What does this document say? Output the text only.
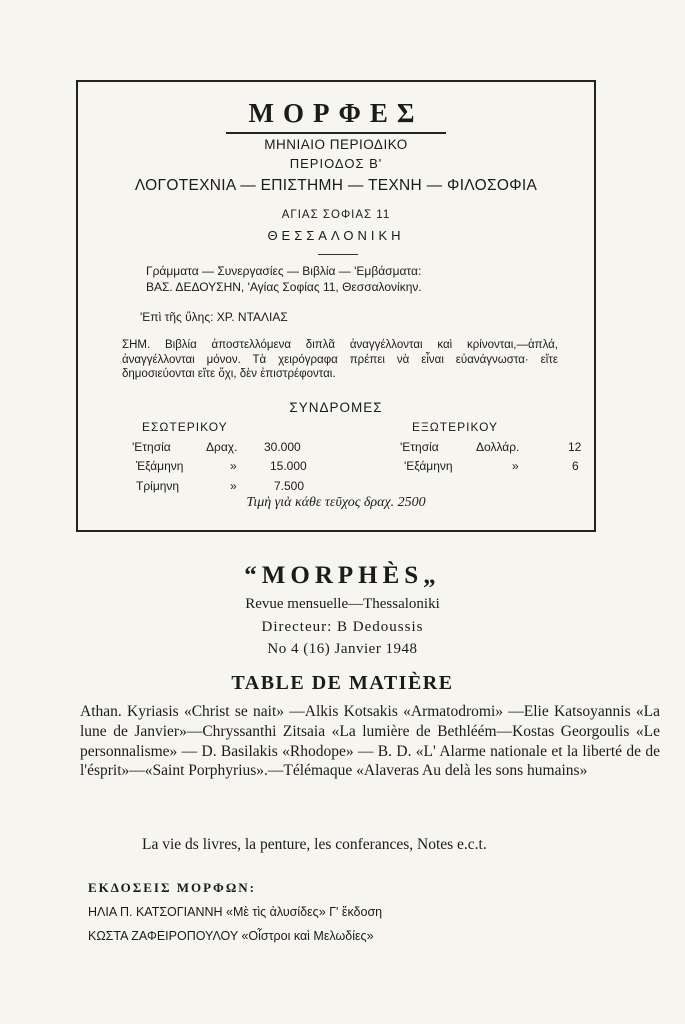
ΜΟΡΦΕΣ
ΜΗΝΙΑΙΟ ΠΕΡΙΟΔΙΚΟ
ΠΕΡΙΟΔΟΣ Β'
ΛΟΓΟΤΕΧΝΙΑ — ΕΠΙΣΤΗΜΗ — ΤΕΧΝΗ — ΦΙΛΟΣΟΦΙΑ
ΑΓΙΑΣ ΣΟΦΙΑΣ 11
ΘΕΣΣΑΛΟΝΙΚΗ
Γράμματα — Συνεργασίες — Βιβλία — 'Εμβάσματα:
ΒΑΣ. ΔΕΔΟΥΣΗΝ, 'Αγίας Σοφίας 11, Θεσσαλονίκην.
'Επὶ τῆς ὕλης: ΧΡ. ΝΤΑΛΙΑΣ
ΣΗΜ. Βιβλία ἀποστελλόμενα διπλᾶ ἀναγγέλλονται καὶ κρίνονται,—ἁπλά, ἀναγγέλλονται μόνον. Τὰ χειρόγραφα πρέπει νὰ εἶναι εὐανάγνωστα· εἴτε δημοσιεύονται εἴτε ὄχι, δὲν ἐπιστρέφονται.
ΣΥΝΔΡΟΜΕΣ
ΕΣΩΤΕΡΙΚΟΥ
'Ετησία	Δραχ. 30.000
Ἑξάμηνη	»	15.000
Τρίμηνη	»	7.500
ΕΞΩΤΕΡΙΚΟΥ
'Ετησία	Δολλάρ.	12
'Εξάμηνη	»	6
Τιμὴ γιὰ κάθε τεῦχος δραχ. 2500
“MORPHÈS„
Revue mensuelle—Thessaloniki
Directeur: B Dedoussis
No 4 (16) Janvier 1948
TABLE DE MATIÈRE
Athan. Kyriasis «Christ se nait» —Alkis Kotsakis «Armatodromi» —Elie Katsoyannis «La lune de Janvier»—Chryssanthi Zitsaia «La lumière de Bethléém—Kostas Georgoulis «Le personnalisme» — D. Basilakis «Rhodope» — B. D. «L' Alarme nationale et la liberté de de l'ésprit»—«Saint Porphyrius».—Télémaque «Alaveras Au delà les sons humains»
La vie ds livres, la penture, les conferances, Notes e.c.t.
ΕΚΔΟΣΕΙΣ ΜΟΡΦΩΝ:
ΗΛΙΑ Π. ΚΑΤΣΟΓΙΑΝΝΗ «Μὲ τὶς ἀλυσίδες» Γ' ἔκδοση
ΚΩΣΤΑ ΖΑΦΕΙΡΟΠΟΥΛΟΥ «Οἶστροι καὶ Μελωδίες»
